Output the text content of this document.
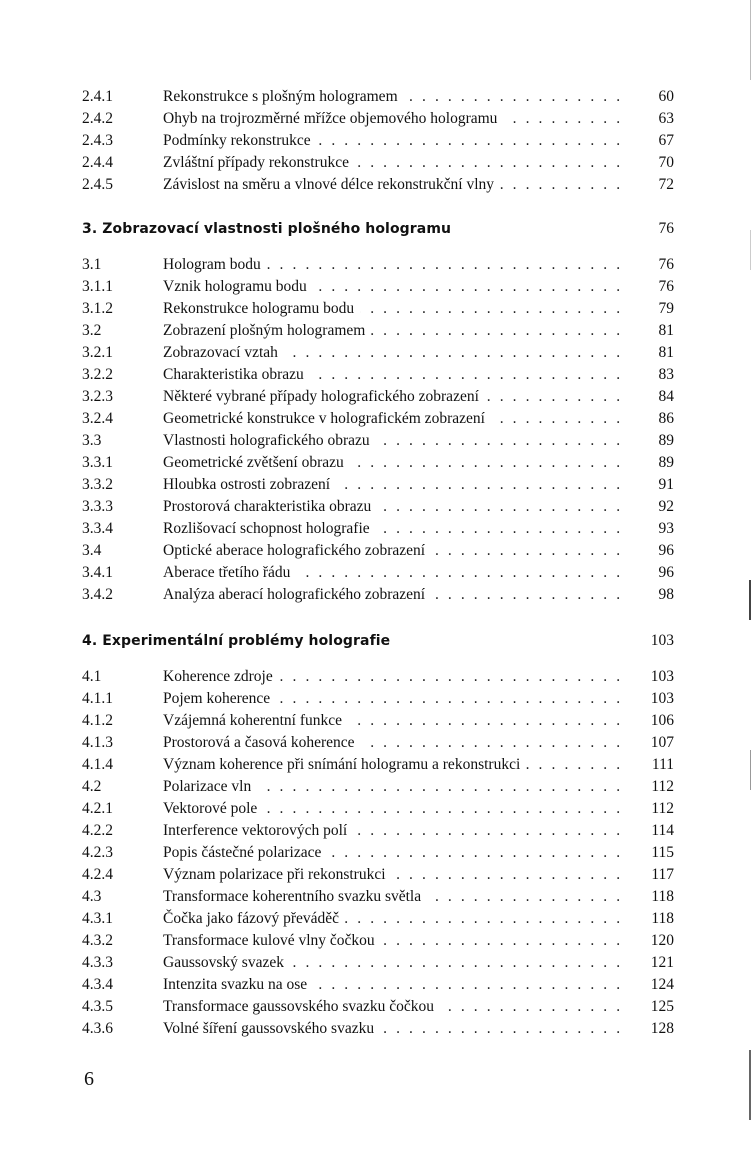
2.4.1	Rekonstrukce s plošným hologramem . . .	60
2.4.2	Ohyb na trojrozměrné mřížce objemového hologramu . . .	63
2.4.3	Podmínky rekonstrukce . . .	67
2.4.4	Zvláštní případy rekonstrukce . . .	70
2.4.5	Závislost na směru a vlnové délce rekonstrukční vlny . . .	72
3. Zobrazovací vlastnosti plošného hologramu	76
3.1	Hologram bodu . . .	76
3.1.1	Vznik hologramu bodu . . .	76
3.1.2	Rekonstrukce hologramu bodu . . .	79
3.2	Zobrazení plošným hologramem . . .	81
3.2.1	Zobrazovací vztah . . .	81
3.2.2	Charakteristika obrazu . . .	83
3.2.3	Některé vybrané případy holografického zobrazení . . .	84
3.2.4	Geometrické konstrukce v holografickém zobrazení . . .	86
3.3	Vlastnosti holografického obrazu . . .	89
3.3.1	Geometrické zvětšení obrazu . . .	89
3.3.2	Hloubka ostrosti zobrazení . . .	91
3.3.3	Prostorová charakteristika obrazu . . .	92
3.3.4	Rozlišovací schopnost holografie . . .	93
3.4	Optické aberace holografického zobrazení . . .	96
3.4.1	Aberace třetího řádu . . .	96
3.4.2	Analýza aberací holografického zobrazení . . .	98
4. Experimentální problémy holografie	103
4.1	Koherence zdroje . . .	103
4.1.1	Pojem koherence . . .	103
4.1.2	Vzájemná koherentní funkce . . .	106
4.1.3	Prostorová a časová koherence . . .	107
4.1.4	Význam koherence při snímání hologramu a rekonstrukci . . .	111
4.2	Polarizace vln . . .	112
4.2.1	Vektorové pole . . .	112
4.2.2	Interference vektorových polí . . .	114
4.2.3	Popis částečné polarizace . . .	115
4.2.4	Význam polarizace při rekonstrukci . . .	117
4.3	Transformace koherentního svazku světla . . .	118
4.3.1	Čočka jako fázový převáděč . . .	118
4.3.2	Transformace kulové vlny čočkou . . .	120
4.3.3	Gaussovský svazek . . .	121
4.3.4	Intenzita svazku na ose . . .	124
4.3.5	Transformace gaussovského svazku čočkou . . .	125
4.3.6	Volné šíření gaussovského svazku . . .	128
6
